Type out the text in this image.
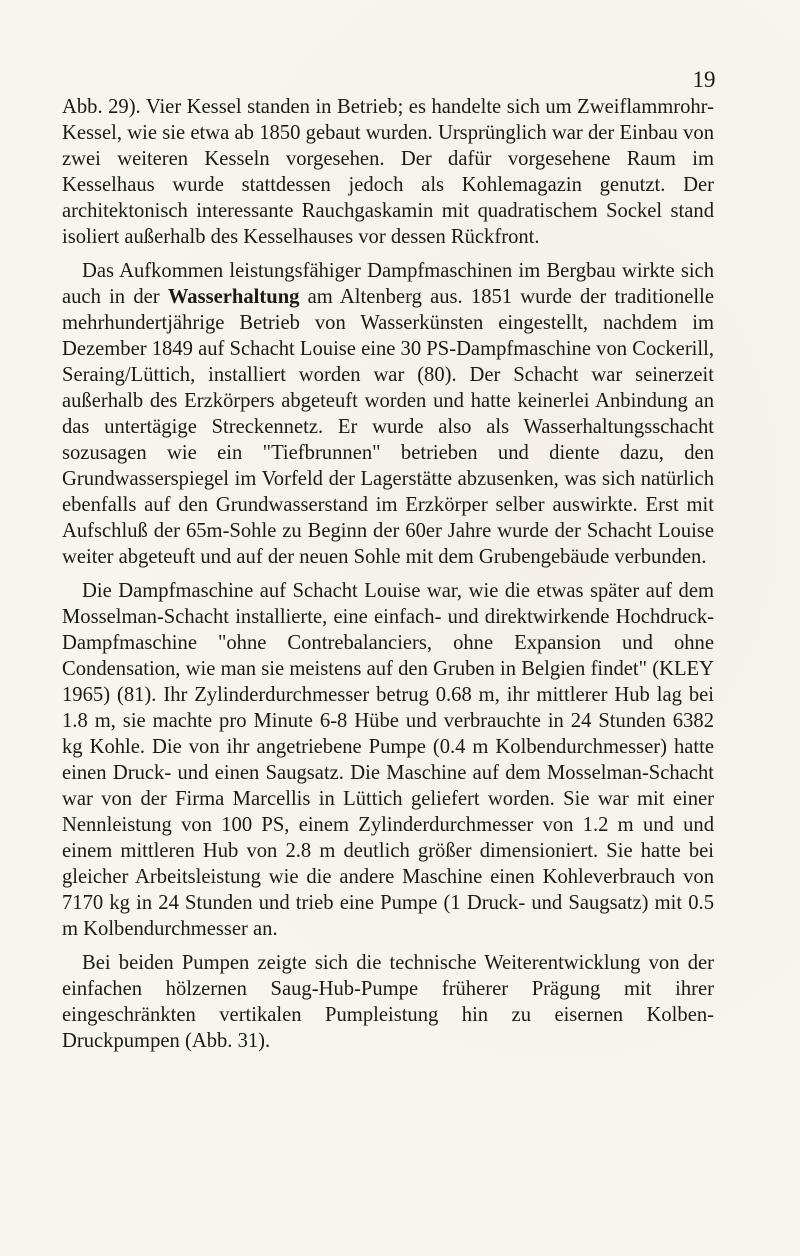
19

Abb. 29). Vier Kessel standen in Betrieb; es handelte sich um Zweiflammrohr-Kessel, wie sie etwa ab 1850 gebaut wurden. Ursprünglich war der Einbau von zwei weiteren Kesseln vorgesehen. Der dafür vorgesehene Raum im Kesselhaus wurde stattdessen jedoch als Kohlemagazin genutzt. Der architektonisch interessante Rauchgaskamin mit quadratischem Sockel stand isoliert außerhalb des Kesselhauses vor dessen Rückfront.

Das Aufkommen leistungsfähiger Dampfmaschinen im Bergbau wirkte sich auch in der Wasserhaltung am Altenberg aus. 1851 wurde der traditionelle mehrhundertjährige Betrieb von Wasserkünsten eingestellt, nachdem im Dezember 1849 auf Schacht Louise eine 30 PS-Dampfmaschine von Cockerill, Seraing/Lüttich, installiert worden war (80). Der Schacht war seinerzeit außerhalb des Erzkörpers abgeteuft worden und hatte keinerlei Anbindung an das untertägige Streckennetz. Er wurde also als Wasserhaltungsschacht sozusagen wie ein "Tiefbrunnen" betrieben und diente dazu, den Grundwasserspiegel im Vorfeld der Lagerstätte abzusenken, was sich natürlich ebenfalls auf den Grundwasserstand im Erzkörper selber auswirkte. Erst mit Aufschluß der 65m-Sohle zu Beginn der 60er Jahre wurde der Schacht Louise weiter abgeteuft und auf der neuen Sohle mit dem Grubengebäude verbunden.

Die Dampfmaschine auf Schacht Louise war, wie die etwas später auf dem Mosselman-Schacht installierte, eine einfach- und direktwirkende Hochdruck-Dampfmaschine "ohne Contrebalanciers, ohne Expansion und ohne Condensation, wie man sie meistens auf den Gruben in Belgien findet" (KLEY 1965) (81). Ihr Zylinderdurchmesser betrug 0.68 m, ihr mittlerer Hub lag bei 1.8 m, sie machte pro Minute 6-8 Hübe und verbrauchte in 24 Stunden 6382 kg Kohle. Die von ihr angetriebene Pumpe (0.4 m Kolbendurchmesser) hatte einen Druck- und einen Saugsatz. Die Maschine auf dem Mosselman-Schacht war von der Firma Marcellis in Lüttich geliefert worden. Sie war mit einer Nennleistung von 100 PS, einem Zylinderdurchmesser von 1.2 m und und einem mittleren Hub von 2.8 m deutlich größer dimensioniert. Sie hatte bei gleicher Arbeitsleistung wie die andere Maschine einen Kohleverbrauch von 7170 kg in 24 Stunden und trieb eine Pumpe (1 Druck- und Saugsatz) mit 0.5 m Kolbendurchmesser an.

Bei beiden Pumpen zeigte sich die technische Weiterentwicklung von der einfachen hölzernen Saug-Hub-Pumpe früherer Prägung mit ihrer eingeschränkten vertikalen Pumpleistung hin zu eisernen Kolben-Druckpumpen (Abb. 31).
